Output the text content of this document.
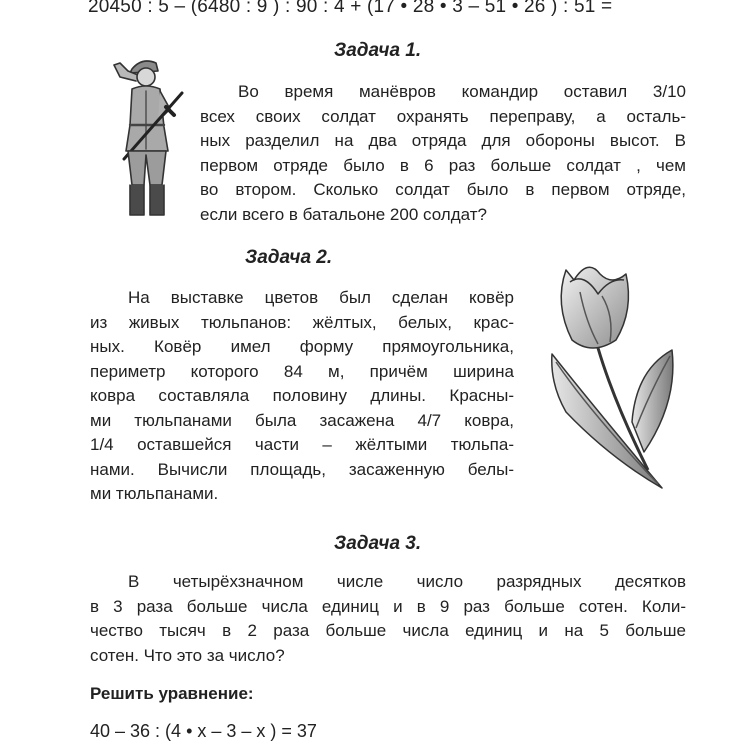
20450 : 5 – (6480 : 9 ) : 90 : 4 + (17 • 28 • 3 – 51 • 26 ) : 51 =
Задача 1.
Во время манёвров командир оставил 3/10
всех своих солдат охранять переправу, а осталь-
ных разделил на два отряда для обороны высот. В
первом отряде было в 6 раз больше солдат , чем
во втором. Сколько солдат было в первом отряде,
если всего в батальоне 200 солдат?
Задача 2.
На выставке цветов был сделан ковёр
из живых тюльпанов: жёлтых, белых, крас-
ных. Ковёр имел форму прямоугольника,
периметр которого 84 м, причём ширина
ковра составляла половину длины. Красны-
ми тюльпанами была засажена 4/7 ковра,
1/4 оставшейся части – жёлтыми тюльпа-
нами. Вычисли площадь, засаженную белы-
ми тюльпанами.
Задача 3.
В четырёхзначном числе число разрядных десятков
в 3 раза больше числа единиц и в 9 раз больше сотен. Коли-
чество тысяч в 2 раза больше числа единиц и на 5 больше
сотен. Что это за число?
Решить уравнение:
40 – 36 : (4 • x – 3 – x ) = 37
